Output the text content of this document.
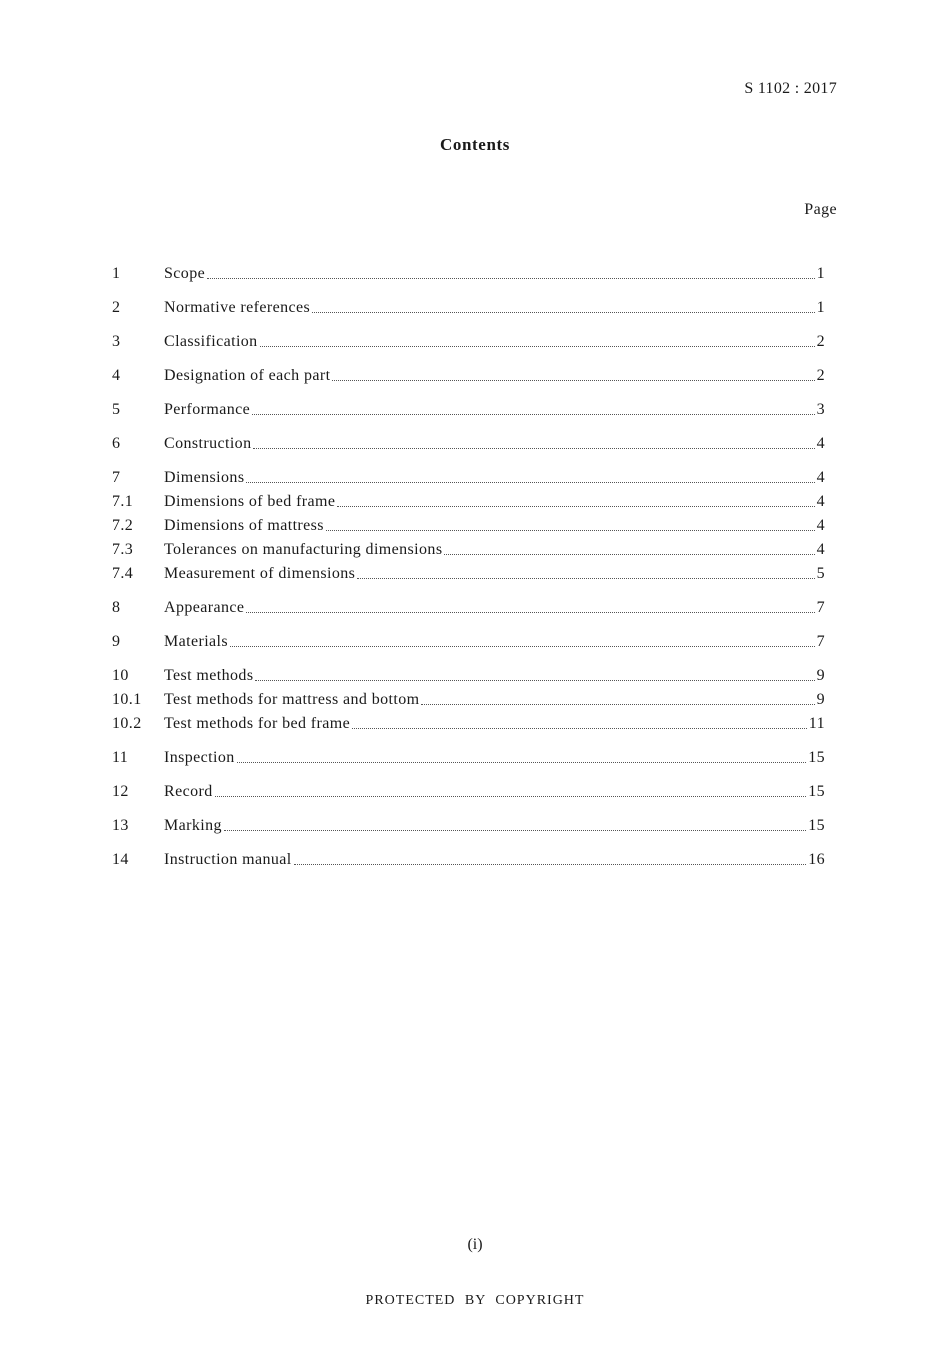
S 1102 : 2017
Contents
Page
1	Scope	1
2	Normative references	1
3	Classification	2
4	Designation of each part	2
5	Performance	3
6	Construction	4
7	Dimensions	4
7.1	Dimensions of bed frame	4
7.2	Dimensions of mattress	4
7.3	Tolerances on manufacturing dimensions	4
7.4	Measurement of dimensions	5
8	Appearance	7
9	Materials	7
10	Test methods	9
10.1	Test methods for mattress and bottom	9
10.2	Test methods for bed frame	11
11	Inspection	15
12	Record	15
13	Marking	15
14	Instruction manual	16
(i)
PROTECTED BY COPYRIGHT
